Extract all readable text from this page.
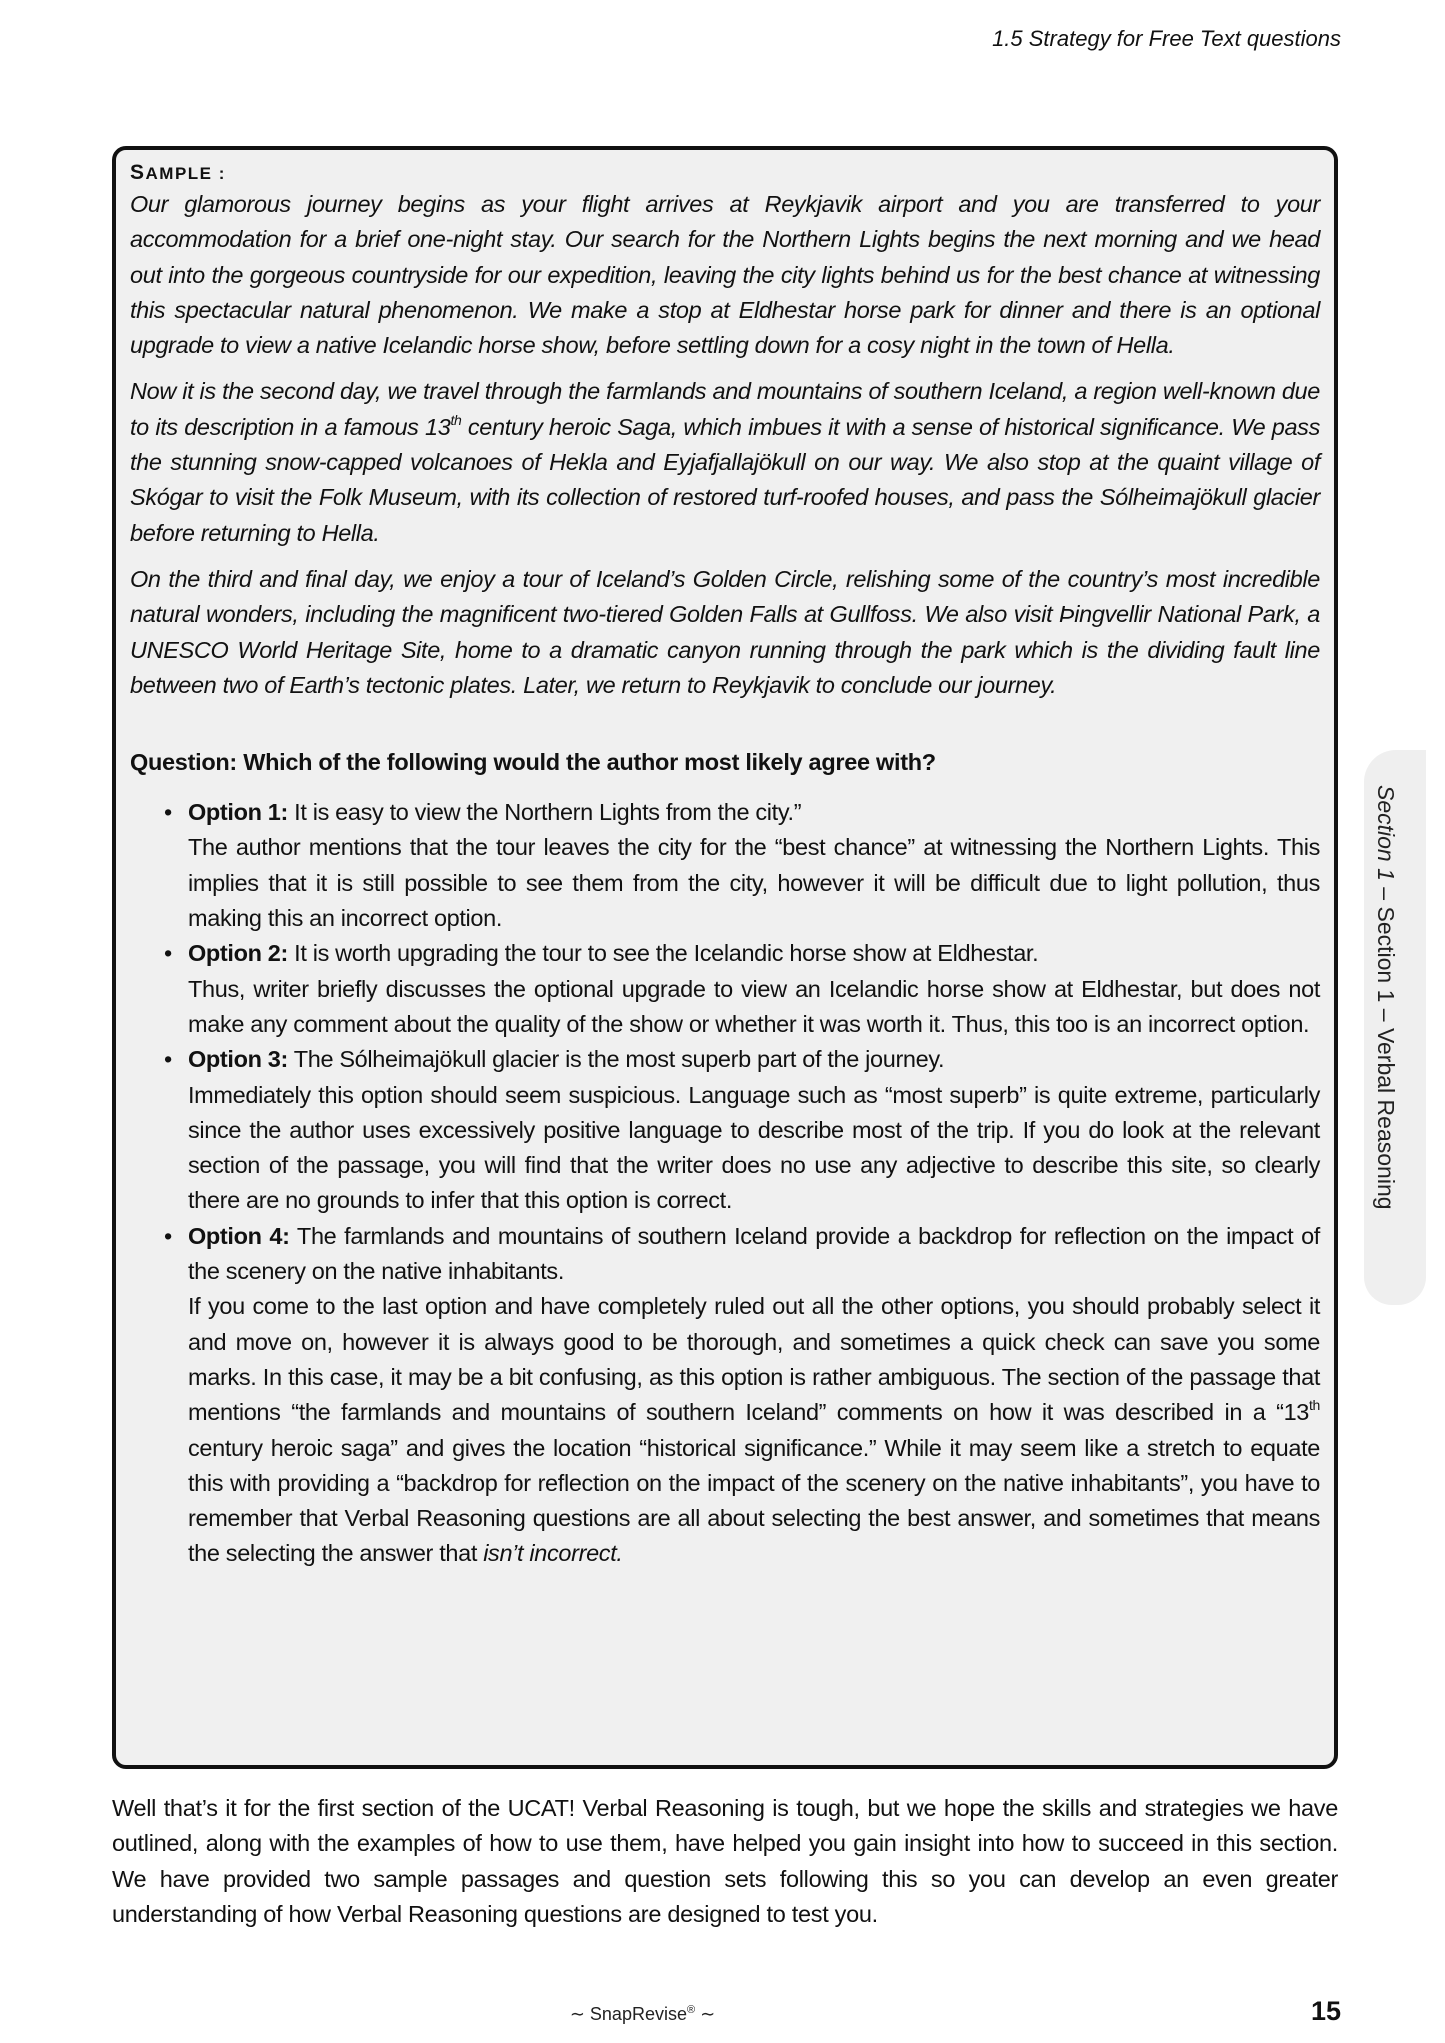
1.5 Strategy for Free Text questions
SAMPLE :

Our glamorous journey begins as your flight arrives at Reykjavik airport and you are transferred to your accommodation for a brief one-night stay. Our search for the Northern Lights begins the next morning and we head out into the gorgeous countryside for our expedition, leaving the city lights behind us for the best chance at witnessing this spectacular natural phenomenon. We make a stop at Eldhestar horse park for dinner and there is an optional upgrade to view a native Icelandic horse show, before settling down for a cosy night in the town of Hella.

Now it is the second day, we travel through the farmlands and mountains of southern Iceland, a region well-known due to its description in a famous 13th century heroic Saga, which imbues it with a sense of historical significance. We pass the stunning snow-capped volcanoes of Hekla and Eyjafjallajökull on our way. We also stop at the quaint village of Skógar to visit the Folk Museum, with its collection of restored turf-roofed houses, and pass the Sólheimajökull glacier before returning to Hella.

On the third and final day, we enjoy a tour of Iceland’s Golden Circle, relishing some of the country’s most incredible natural wonders, including the magnificent two-tiered Golden Falls at Gullfoss. We also visit Þingvellir National Park, a UNESCO World Heritage Site, home to a dramatic canyon running through the park which is the dividing fault line between two of Earth’s tectonic plates. Later, we return to Reykjavik to conclude our journey.

Question: Which of the following would the author most likely agree with?
• Option 1: It is easy to view the Northern Lights from the city.”
The author mentions that the tour leaves the city for the “best chance” at witnessing the Northern Lights. This implies that it is still possible to see them from the city, however it will be difficult due to light pollution, thus making this an incorrect option.
• Option 2: It is worth upgrading the tour to see the Icelandic horse show at Eldhestar.
Thus, writer briefly discusses the optional upgrade to view an Icelandic horse show at Eldhestar, but does not make any comment about the quality of the show or whether it was worth it. Thus, this too is an incorrect option.
• Option 3: The Sólheimajökull glacier is the most superb part of the journey.
Immediately this option should seem suspicious. Language such as “most superb” is quite extreme, particularly since the author uses excessively positive language to describe most of the trip. If you do look at the relevant section of the passage, you will find that the writer does no use any adjective to describe this site, so clearly there are no grounds to infer that this option is correct.
• Option 4: The farmlands and mountains of southern Iceland provide a backdrop for reflection on the impact of the scenery on the native inhabitants.
If you come to the last option and have completely ruled out all the other options, you should probably select it and move on, however it is always good to be thorough, and sometimes a quick check can save you some marks. In this case, it may be a bit confusing, as this option is rather ambiguous. The section of the passage that mentions “the farmlands and mountains of southern Iceland” comments on how it was described in a “13th century heroic saga” and gives the location “historical significance.” While it may seem like a stretch to equate this with providing a “backdrop for reflection on the impact of the scenery on the native inhabitants”, you have to remember that Verbal Reasoning questions are all about selecting the best answer, and sometimes that means the selecting the answer that isn’t incorrect.

Well that’s it for the first section of the UCAT! Verbal Reasoning is tough, but we hope the skills and strategies we have outlined, along with the examples of how to use them, have helped you gain insight into how to succeed in this section. We have provided two sample passages and question sets following this so you can develop an even greater understanding of how Verbal Reasoning questions are designed to test you.

Section 1 – Section 1 – Verbal Reasoning
∼ SnapRevise® ∼	15
